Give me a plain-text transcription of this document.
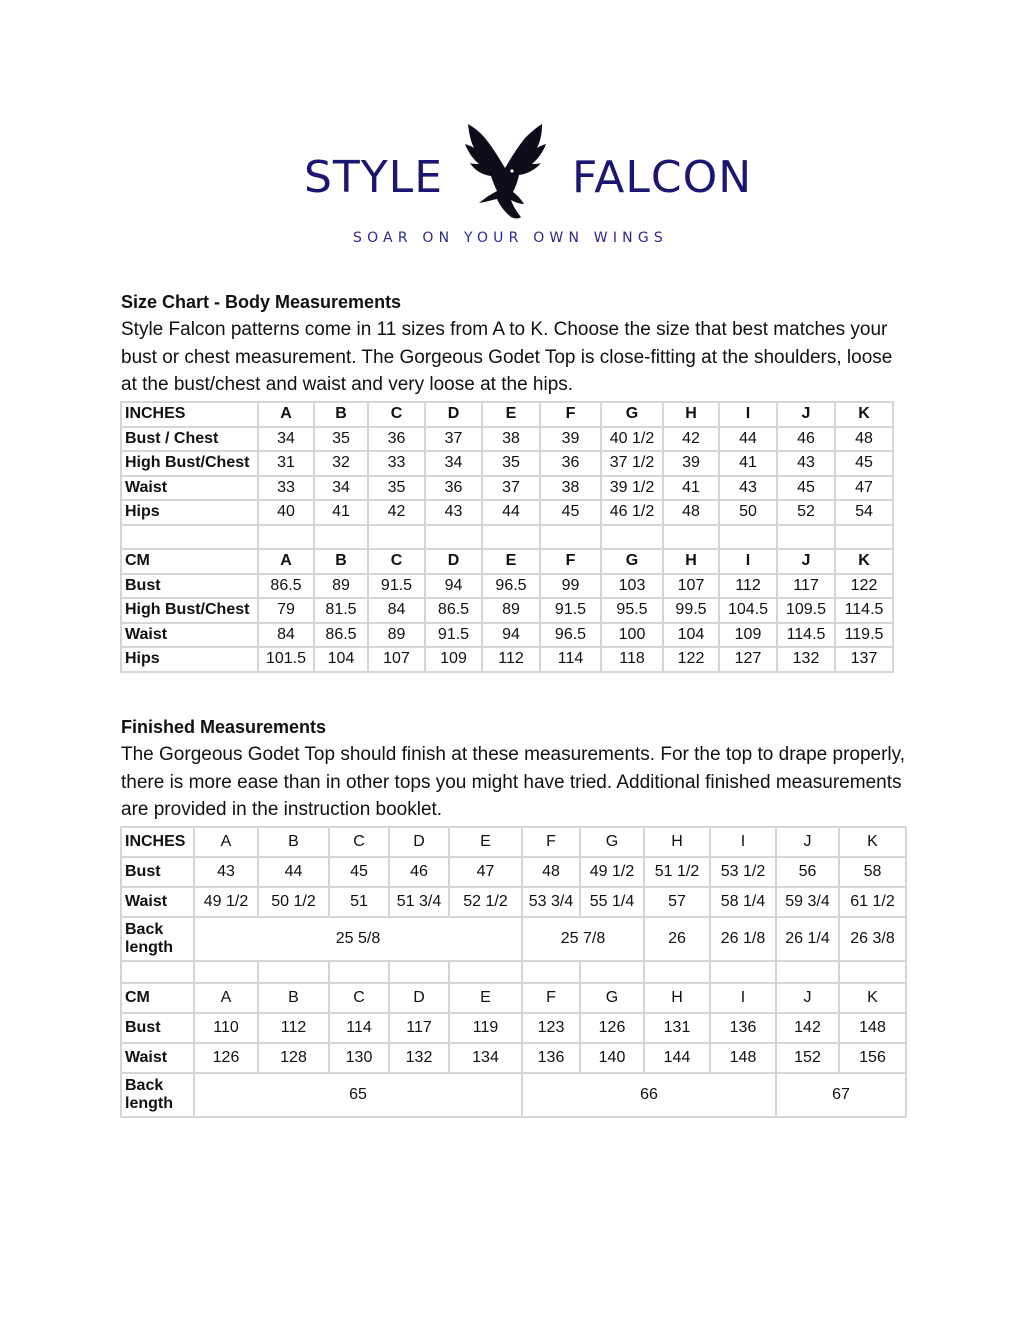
STYLE	FALCON
SOAR ON YOUR OWN WINGS
Size Chart - Body Measurements

Style Falcon patterns come in 11 sizes from A to K. Choose the size that best matches your bust or chest measurement. The Gorgeous Godet Top is close-fitting at the shoulders, loose at the bust/chest and waist and very loose at the hips.

INCHES	A	B	C	D	E	F	G	H	I	J	K
Bust / Chest	34	35	36	37	38	39	40 1/2	42	44	46	48
High Bust/Chest	31	32	33	34	35	36	37 1/2	39	41	43	45
Waist	33	34	35	36	37	38	39 1/2	41	43	45	47
Hips	40	41	42	43	44	45	46 1/2	48	50	52	54

CM	A	B	C	D	E	F	G	H	I	J	K
Bust	86.5	89	91.5	94	96.5	99	103	107	112	117	122
High Bust/Chest	79	81.5	84	86.5	89	91.5	95.5	99.5	104.5	109.5	114.5
Waist	84	86.5	89	91.5	94	96.5	100	104	109	114.5	119.5
Hips	101.5	104	107	109	112	114	118	122	127	132	137
Finished Measurements

The Gorgeous Godet Top should finish at these measurements. For the top to drape properly, there is more ease than in other tops you might have tried. Additional finished measurements are provided in the instruction booklet.

INCHES	A	B	C	D	E	F	G	H	I	J	K
Bust	43	44	45	46	47	48	49 1/2	51 1/2	53 1/2	56	58
Waist	49 1/2	50 1/2	51	51 3/4	52 1/2	53 3/4	55 1/4	57	58 1/4	59 3/4	61 1/2
Back length	25 5/8					25 7/8		26	26 1/8	26 1/4	26 3/8

CM	A	B	C	D	E	F	G	H	I	J	K
Bust	110	112	114	117	119	123	126	131	136	142	148
Waist	126	128	130	132	134	136	140	144	148	152	156
Back length	65					66				67	
